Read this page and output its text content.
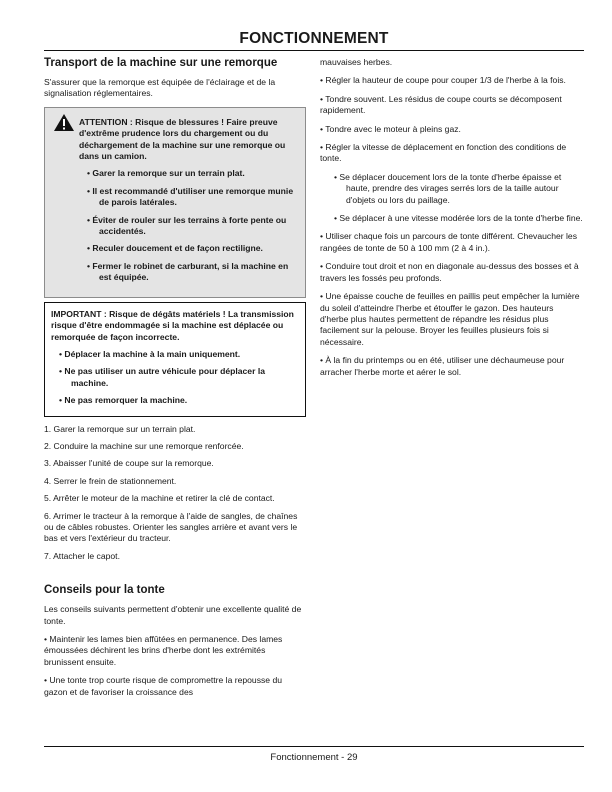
FONCTIONNEMENT
Transport de la machine sur une remorque

S'assurer que la remorque est équipée de l'éclairage et de la signalisation réglementaires.

ATTENTION : Risque de blessures ! Faire preuve d'extrême prudence lors du chargement ou du déchargement de la machine sur une remorque ou dans un camion.

• Garer la remorque sur un terrain plat.

• Il est recommandé d'utiliser une remorque munie de parois latérales.

• Éviter de rouler sur les terrains à forte pente ou accidentés.

• Reculer doucement et de façon rectiligne.

• Fermer le robinet de carburant, si la machine en est équipée.

IMPORTANT : Risque de dégâts matériels ! La transmission risque d'être endommagée si la machine est déplacée ou remorquée de façon incorrecte.

• Déplacer la machine à la main uniquement.

• Ne pas utiliser un autre véhicule pour déplacer la machine.

• Ne pas remorquer la machine.

1. Garer la remorque sur un terrain plat.

2. Conduire la machine sur une remorque renforcée.

3. Abaisser l'unité de coupe sur la remorque.

4. Serrer le frein de stationnement.

5. Arrêter le moteur de la machine et retirer la clé de contact.

6. Arrimer le tracteur à la remorque à l'aide de sangles, de chaînes ou de câbles robustes. Orienter les sangles arrière et avant vers le bas et vers l'extérieur du tracteur.

7. Attacher le capot.

Conseils pour la tonte

Les conseils suivants permettent d'obtenir une excellente qualité de tonte.

• Maintenir les lames bien affûtées en permanence. Des lames émoussées déchirent les brins d'herbe dont les extrémités brunissent ensuite.

• Une tonte trop courte risque de compromettre la repousse du gazon et de favoriser la croissance des

mauvaises herbes.

• Régler la hauteur de coupe pour couper 1/3 de l'herbe à la fois.

• Tondre souvent. Les résidus de coupe courts se décomposent rapidement.

• Tondre avec le moteur à pleins gaz.

• Régler la vitesse de déplacement en fonction des conditions de tonte.

• Se déplacer doucement lors de la tonte d'herbe épaisse et haute, prendre des virages serrés lors de la taille autour d'objets ou lors du paillage.

• Se déplacer à une vitesse modérée lors de la tonte d'herbe fine.

• Utiliser chaque fois un parcours de tonte différent. Chevaucher les rangées de tonte de 50 à 100 mm (2 à 4 in.).

• Conduire tout droit et non en diagonale au-dessus des bosses et à travers les fossés peu profonds.

• Une épaisse couche de feuilles en paillis peut empêcher la lumière du soleil d'atteindre l'herbe et étouffer le gazon. Des hauteurs d'herbe plus hautes permettent de répandre les résidus plus facilement sur la pelouse. Broyer les feuilles plusieurs fois si nécessaire.

• À la fin du printemps ou en été, utiliser une déchaumeuse pour arracher l'herbe morte et aérer le sol.

Fonctionnement - 29
